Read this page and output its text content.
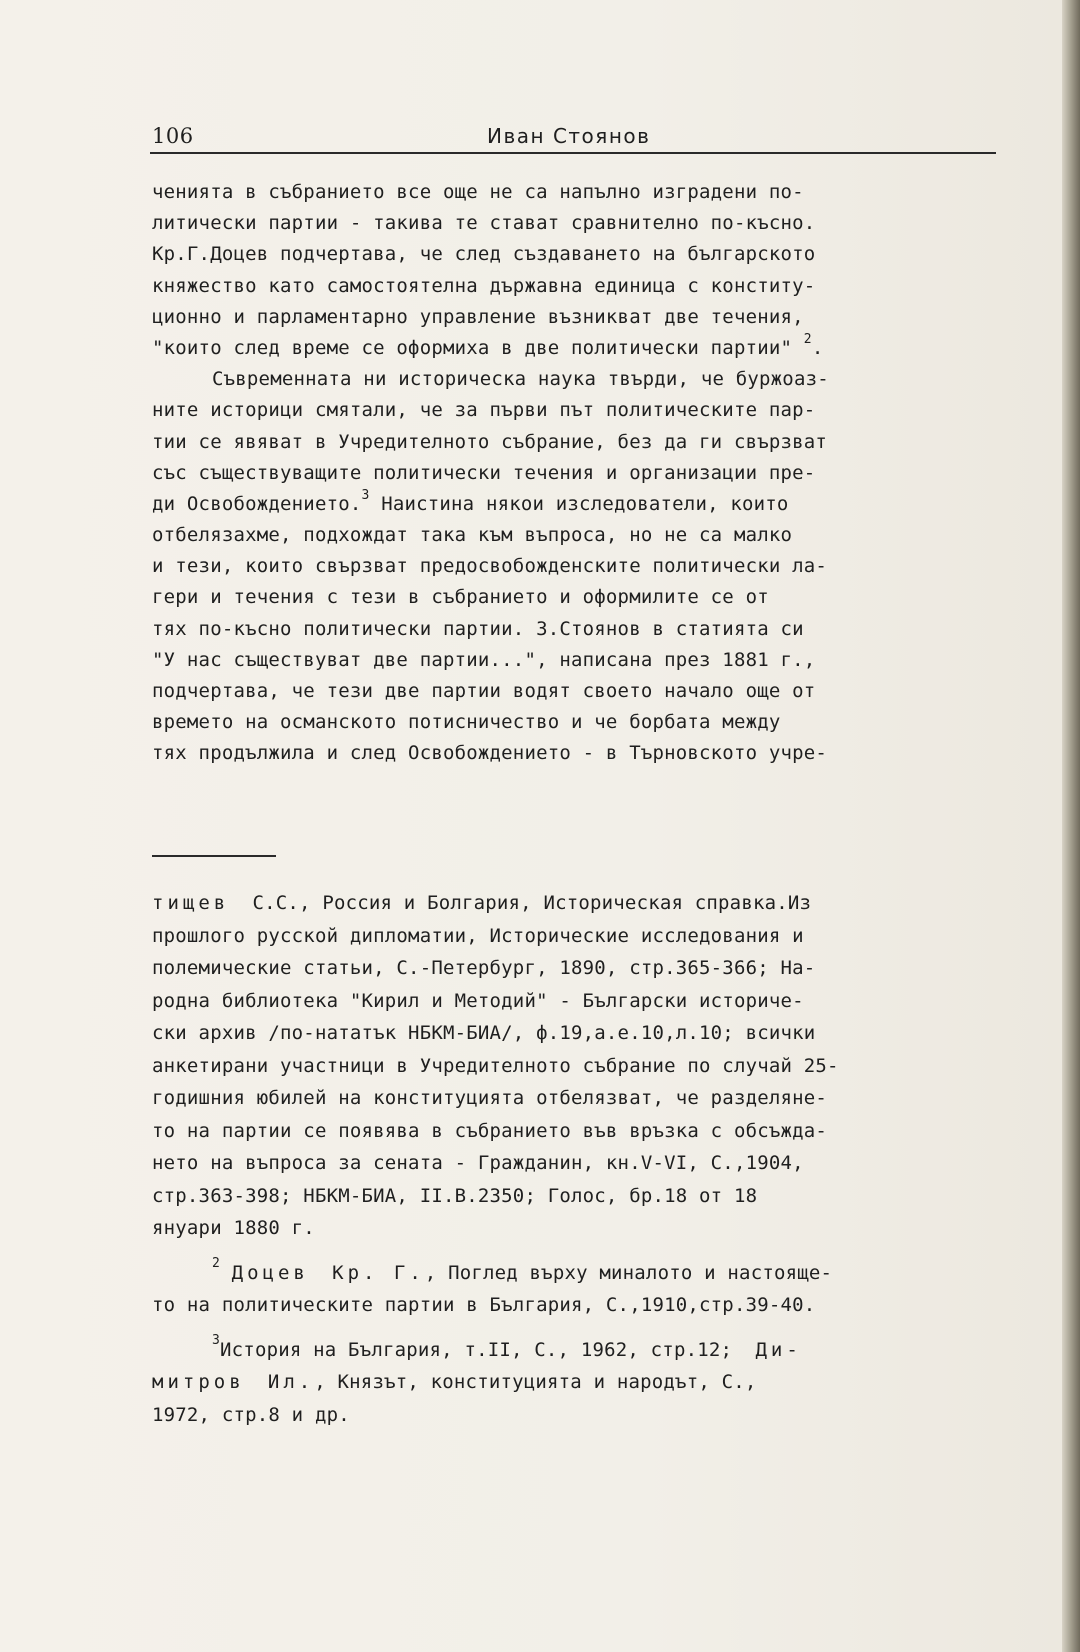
106	Иван Стоянов
чениятa в събранието все още не са напълно изградени по-
литически партии - такива те стават сравнително по-късно.
Кр.Г.Доцев подчертава, че след създаването на българското
княжество като самостоятелна държавна единица с конститу-
ционно и парламентарно управление възникват две течения,
"които след време се оформиха в две политически партии" $^2$.
Съвременната ни историческа наука твърди, че буржоаз-
ните историци смятали, че за първи път политическите пар-
тии се явяват в Учредителното събрание, без да ги свързват
със съществуващите политически течения и организации пре-
ди Освобождението.$^3$ Наистина някои изследователи, които
отбелязахме, подхождат така към въпроса, но не са малко
и тези, които свързват предосвобожденските политически ла-
гери и течения с тези в събранието и оформилите се от
тях по-късно политически партии. З.Стоянов в статията си
"У нас съществуват две партии...", написана през 1881 г.,
подчертава, че тези две партии водят своето начало още от
времето на османското потисничество и че борбата между
тях продължила и след Освобождението - в Търновското учре-
тищев С.С., Россия и Болгария, Историческая справка.Из
прошлого русской дипломатии, Исторические исследования и
полемические статьи, С.-Петербург, 1890, стр.365-366; На-
родна библиотека "Кирил и Методий" - Български историче-
ски архив /по-нататък НБКМ-БИА/, ф.19,а.е.10,л.10; всички
анкетирани участници в Учредителното събрание по случай 25-
годишния юбилей на конституцията отбелязват, че разделяне-
то на партии се появява в събранието във връзка с обсъжда-
нето на въпроса за сената - Гражданин, кн.V-VI, С.,1904,
стр.363-398; НБКМ-БИА, II.В.2350; Голос, бр.18 от 18
януари 1880 г.
$^2$ Доцев Кр. Г., Поглед върху миналото и настояще-
то на политическите партии в България, С.,1910,стр.39-40.
$^3$История на България, т.II, С., 1962, стр.12; Ди-
митров Ил., Князът, конституцията и народът, С.,
1972, стр.8 и др.
